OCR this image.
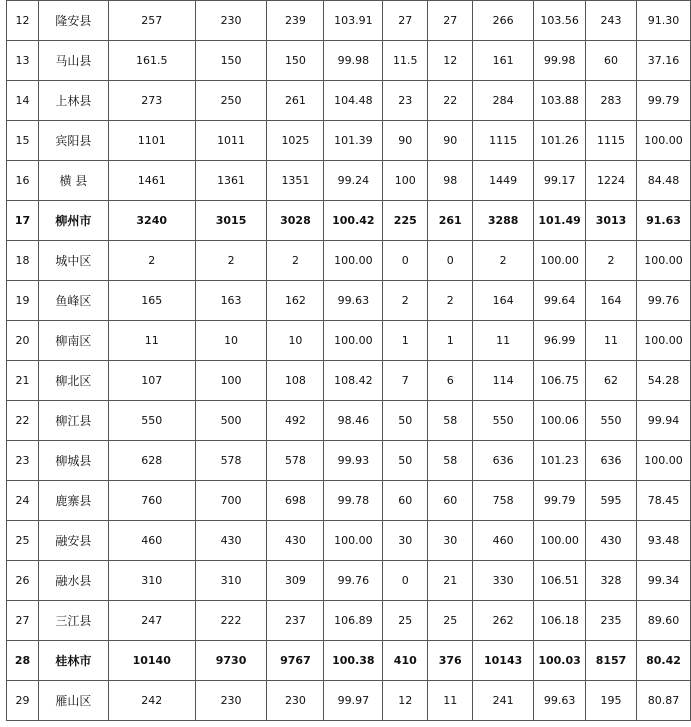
12	隆安县	257	230	239	103.91	27	27	266	103.56	243	91.30
13	马山县	161.5	150	150	99.98	11.5	12	161	99.98	60	37.16
14	上林县	273	250	261	104.48	23	22	284	103.88	283	99.79
15	宾阳县	1101	1011	1025	101.39	90	90	1115	101.26	1115	100.00
16	横 县	1461	1361	1351	99.24	100	98	1449	99.17	1224	84.48
17	柳州市	3240	3015	3028	100.42	225	261	3288	101.49	3013	91.63
18	城中区	2	2	2	100.00	0	0	2	100.00	2	100.00
19	鱼峰区	165	163	162	99.63	2	2	164	99.64	164	99.76
20	柳南区	11	10	10	100.00	1	1	11	96.99	11	100.00
21	柳北区	107	100	108	108.42	7	6	114	106.75	62	54.28
22	柳江县	550	500	492	98.46	50	58	550	100.06	550	99.94
23	柳城县	628	578	578	99.93	50	58	636	101.23	636	100.00
24	鹿寨县	760	700	698	99.78	60	60	758	99.79	595	78.45
25	融安县	460	430	430	100.00	30	30	460	100.00	430	93.48
26	融水县	310	310	309	99.76	0	21	330	106.51	328	99.34
27	三江县	247	222	237	106.89	25	25	262	106.18	235	89.60
28	桂林市	10140	9730	9767	100.38	410	376	10143	100.03	8157	80.42
29	雁山区	242	230	230	99.97	12	11	241	99.63	195	80.87
